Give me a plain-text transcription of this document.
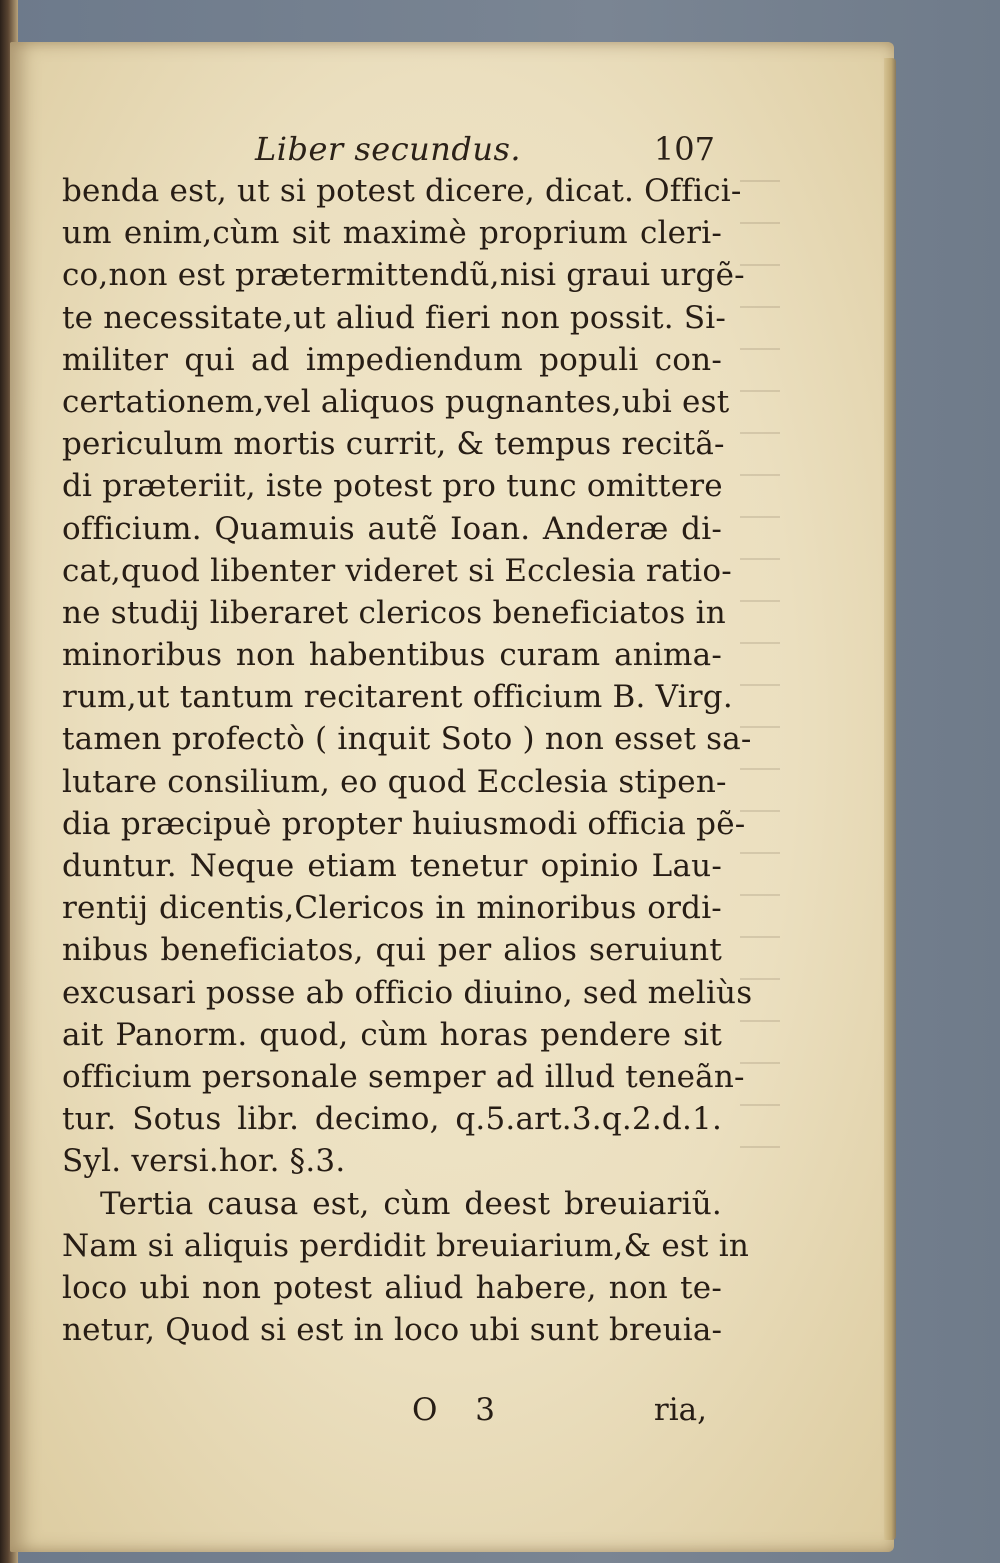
Liber secundus.	107
benda est, ut si potest dicere, dicat. Offici-
um enim,cùm sit maximè proprium cleri-
co,non est prætermittendũ,nisi graui urgẽ-
te necessitate,ut aliud fieri non possit. Si-
militer qui ad impediendum populi con-
certationem,vel aliquos pugnantes,ubi est
periculum mortis currit, & tempus recitã-
di præteriit, iste potest pro tunc omittere
officium. Quamuis autẽ Ioan. Anderæ di-
cat,quod libenter videret si Ecclesia ratio-
ne studij liberaret clericos beneficiatos in
minoribus non habentibus curam anima-
rum,ut tantum recitarent officium B. Virg.
tamen profectò ( inquit Soto ) non esset sa-
lutare consilium, eo quod Ecclesia stipen-
dia præcipuè propter huiusmodi officia pẽ-
duntur. Neque etiam tenetur opinio Lau-
rentij dicentis,Clericos in minoribus ordi-
nibus beneficiatos, qui per alios seruiunt
excusari posse ab officio diuino, sed meliùs
ait Panorm. quod, cùm horas pendere sit
officium personale semper ad illud teneãn-
tur. Sotus libr. decimo, q.5.art.3.q.2.d.1.
Syl. versi.hor. §.3.
Tertia causa est, cùm deest breuiariũ.
Nam si aliquis perdidit breuiarium,& est in
loco ubi non potest aliud habere, non te-
netur, Quod si est in loco ubi sunt breuia-
O 3	ria,
